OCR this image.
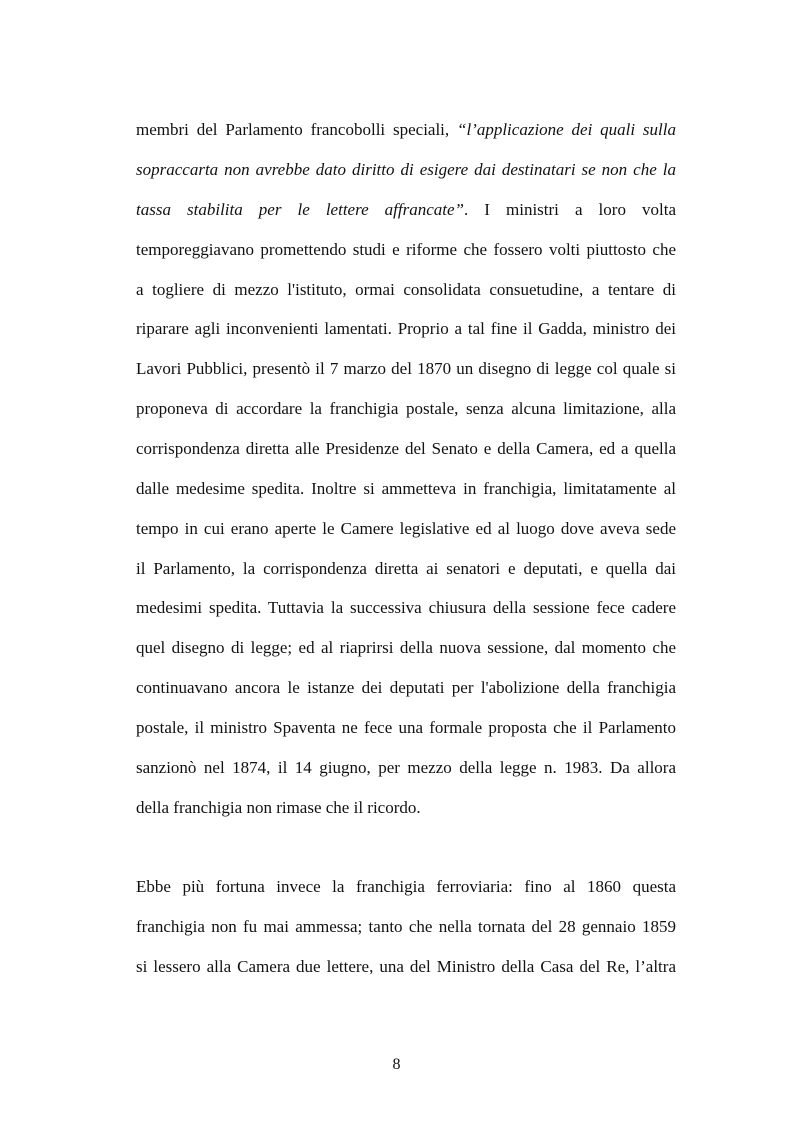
membri del Parlamento francobolli speciali, “l’applicazione dei quali sulla
sopraccarta non avrebbe dato diritto di esigere dai destinatari se non che la
tassa stabilita per le lettere affrancate”. I ministri a loro volta
temporeggiavano promettendo studi e riforme che fossero volti piuttosto che
a togliere di mezzo l'istituto, ormai consolidata consuetudine, a tentare di
riparare agli inconvenienti lamentati. Proprio a tal fine il Gadda, ministro dei
Lavori Pubblici, presentò il 7 marzo del 1870 un disegno di legge col quale si
proponeva di accordare la franchigia postale, senza alcuna limitazione, alla
corrispondenza diretta alle Presidenze del Senato e della Camera, ed a quella
dalle medesime spedita. Inoltre si ammetteva in franchigia, limitatamente al
tempo in cui erano aperte le Camere legislative ed al luogo dove aveva sede
il Parlamento, la corrispondenza diretta ai senatori e deputati, e quella dai
medesimi spedita. Tuttavia la successiva chiusura della sessione fece cadere
quel disegno di legge; ed al riaprirsi della nuova sessione, dal momento che
continuavano ancora le istanze dei deputati per l'abolizione della franchigia
postale, il ministro Spaventa ne fece una formale proposta che il Parlamento
sanzionò nel 1874, il 14 giugno, per mezzo della legge n. 1983. Da allora
della franchigia non rimase che il ricordo.
Ebbe più fortuna invece la franchigia ferroviaria: fino al 1860 questa
franchigia non fu mai ammessa; tanto che nella tornata del 28 gennaio 1859
si lessero alla Camera due lettere, una del Ministro della Casa del Re, l’altra
8
